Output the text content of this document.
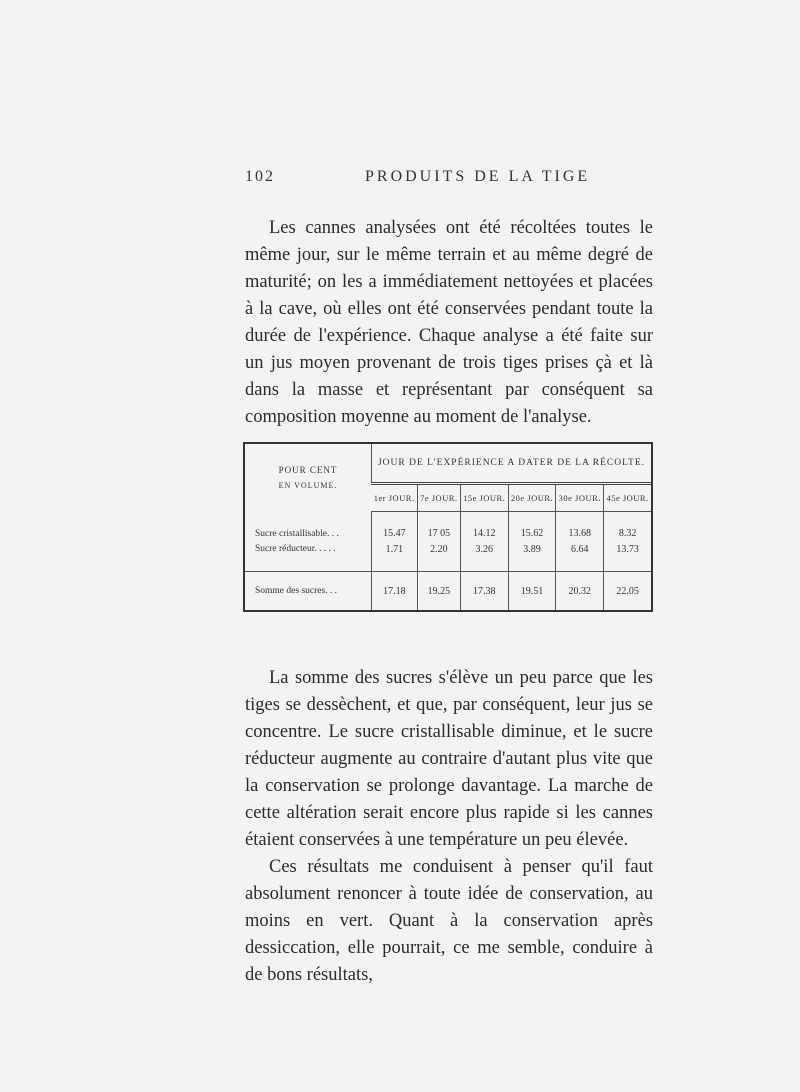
102	PRODUITS DE LA TIGE

Les cannes analysées ont été récoltées toutes le même jour, sur le même terrain et au même degré de maturité; on les a immédiatement nettoyées et placées à la cave, où elles ont été conservées pendant toute la durée de l'expérience. Chaque analyse a été faite sur un jus moyen provenant de trois tiges prises çà et là dans la masse et représentant par conséquent sa composition moyenne au moment de l'analyse.

POUR CENT
EN VOLUME.	JOUR DE L'EXPÉRIENCE A DATER DE LA RÉCOLTE.					
	1er JOUR.	7e JOUR.	15e JOUR.	20e JOUR.	30e JOUR.	45e JOUR.

Sucre cristallisable. . .	15.47	17 05	14.12	15.62	13.68	8.32
Sucre réducteur. . . . .	1.71	2.20	3.26	3.89	6.64	13.73

Somme des sucres. . .	17.18	19.25	17.38	19.51	20.32	22.05

La somme des sucres s'élève un peu parce que les tiges se dessèchent, et que, par conséquent, leur jus se concentre. Le sucre cristallisable diminue, et le sucre réducteur augmente au contraire d'autant plus vite que la conservation se prolonge davantage. La marche de cette altération serait encore plus rapide si les cannes étaient conservées à une température un peu élevée.

Ces résultats me conduisent à penser qu'il faut absolument renoncer à toute idée de conservation, au moins en vert. Quant à la conservation après dessiccation, elle pourrait, ce me semble, conduire à de bons résultats,
